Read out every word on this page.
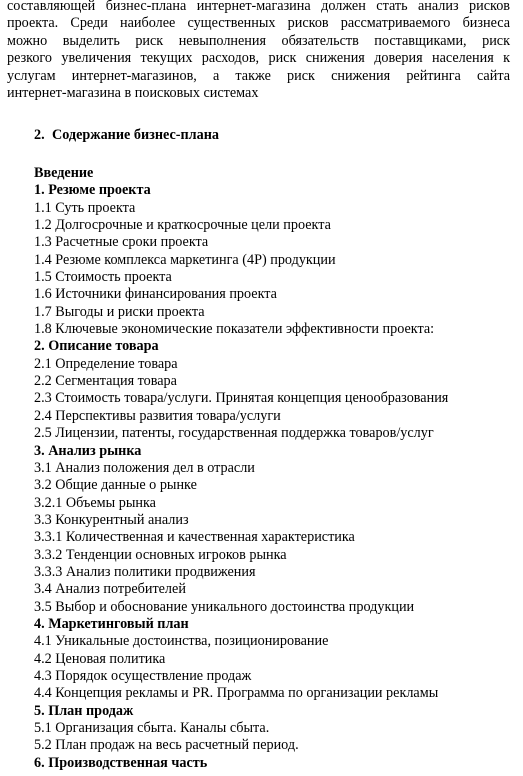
составляющей бизнес-плана интернет-магазина должен стать анализ рисков
проекта. Среди наиболее существенных рисков рассматриваемого бизнеса
можно выделить риск невыполнения обязательств поставщиками, риск
резкого увеличения текущих расходов, риск снижения доверия населения к
услугам интернет-магазинов, а также риск снижения рейтинга сайта
интернет-магазина в поисковых системах
2. Содержание бизнес-плана
Введение
1. Резюме проекта
1.1 Суть проекта
1.2 Долгосрочные и краткосрочные цели проекта
1.3 Расчетные сроки проекта
1.4 Резюме комплекса маркетинга (4Р) продукции
1.5 Стоимость проекта
1.6 Источники финансирования проекта
1.7 Выгоды и риски проекта
1.8 Ключевые экономические показатели эффективности проекта:
2. Описание товара
2.1 Определение товара
2.2 Сегментация товара
2.3 Стоимость товара/услуги. Принятая концепция ценообразования
2.4 Перспективы развития товара/услуги
2.5 Лицензии, патенты, государственная поддержка товаров/услуг
3. Анализ рынка
3.1 Анализ положения дел в отрасли
3.2 Общие данные о рынке
3.2.1 Объемы рынка
3.3 Конкурентный анализ
3.3.1 Количественная и качественная характеристика
3.3.2 Тенденции основных игроков рынка
3.3.3 Анализ политики продвижения
3.4 Анализ потребителей
3.5 Выбор и обоснование уникального достоинства продукции
4. Маркетинговый план
4.1 Уникальные достоинства, позиционирование
4.2 Ценовая политика
4.3 Порядок осуществление продаж
4.4 Концепция рекламы и PR. Программа по организации рекламы
5. План продаж
5.1 Организация сбыта. Каналы сбыта.
5.2 План продаж на весь расчетный период.
6. Производственная часть
